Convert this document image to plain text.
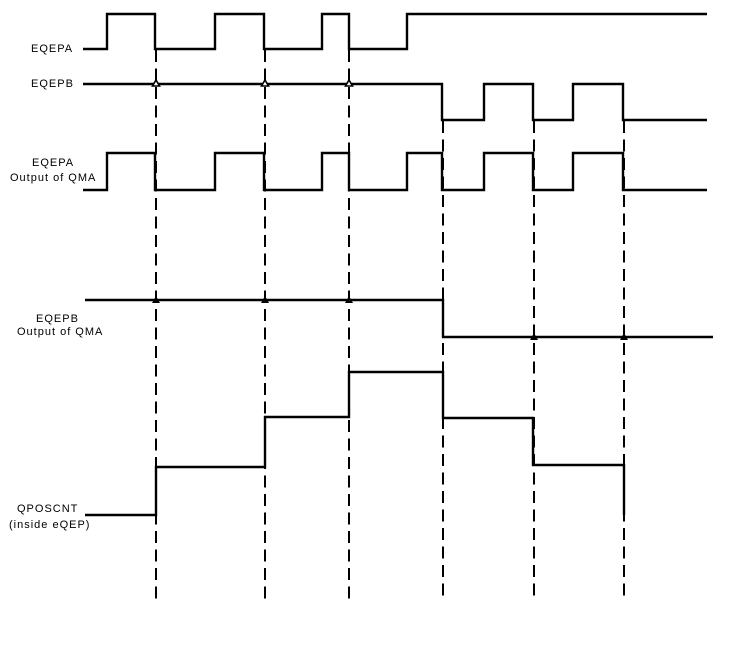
EQEPA
EQEPB
EQEPA
Output of QMA
EQEPB
Output of QMA
QPOSCNT
(inside eQEP)
